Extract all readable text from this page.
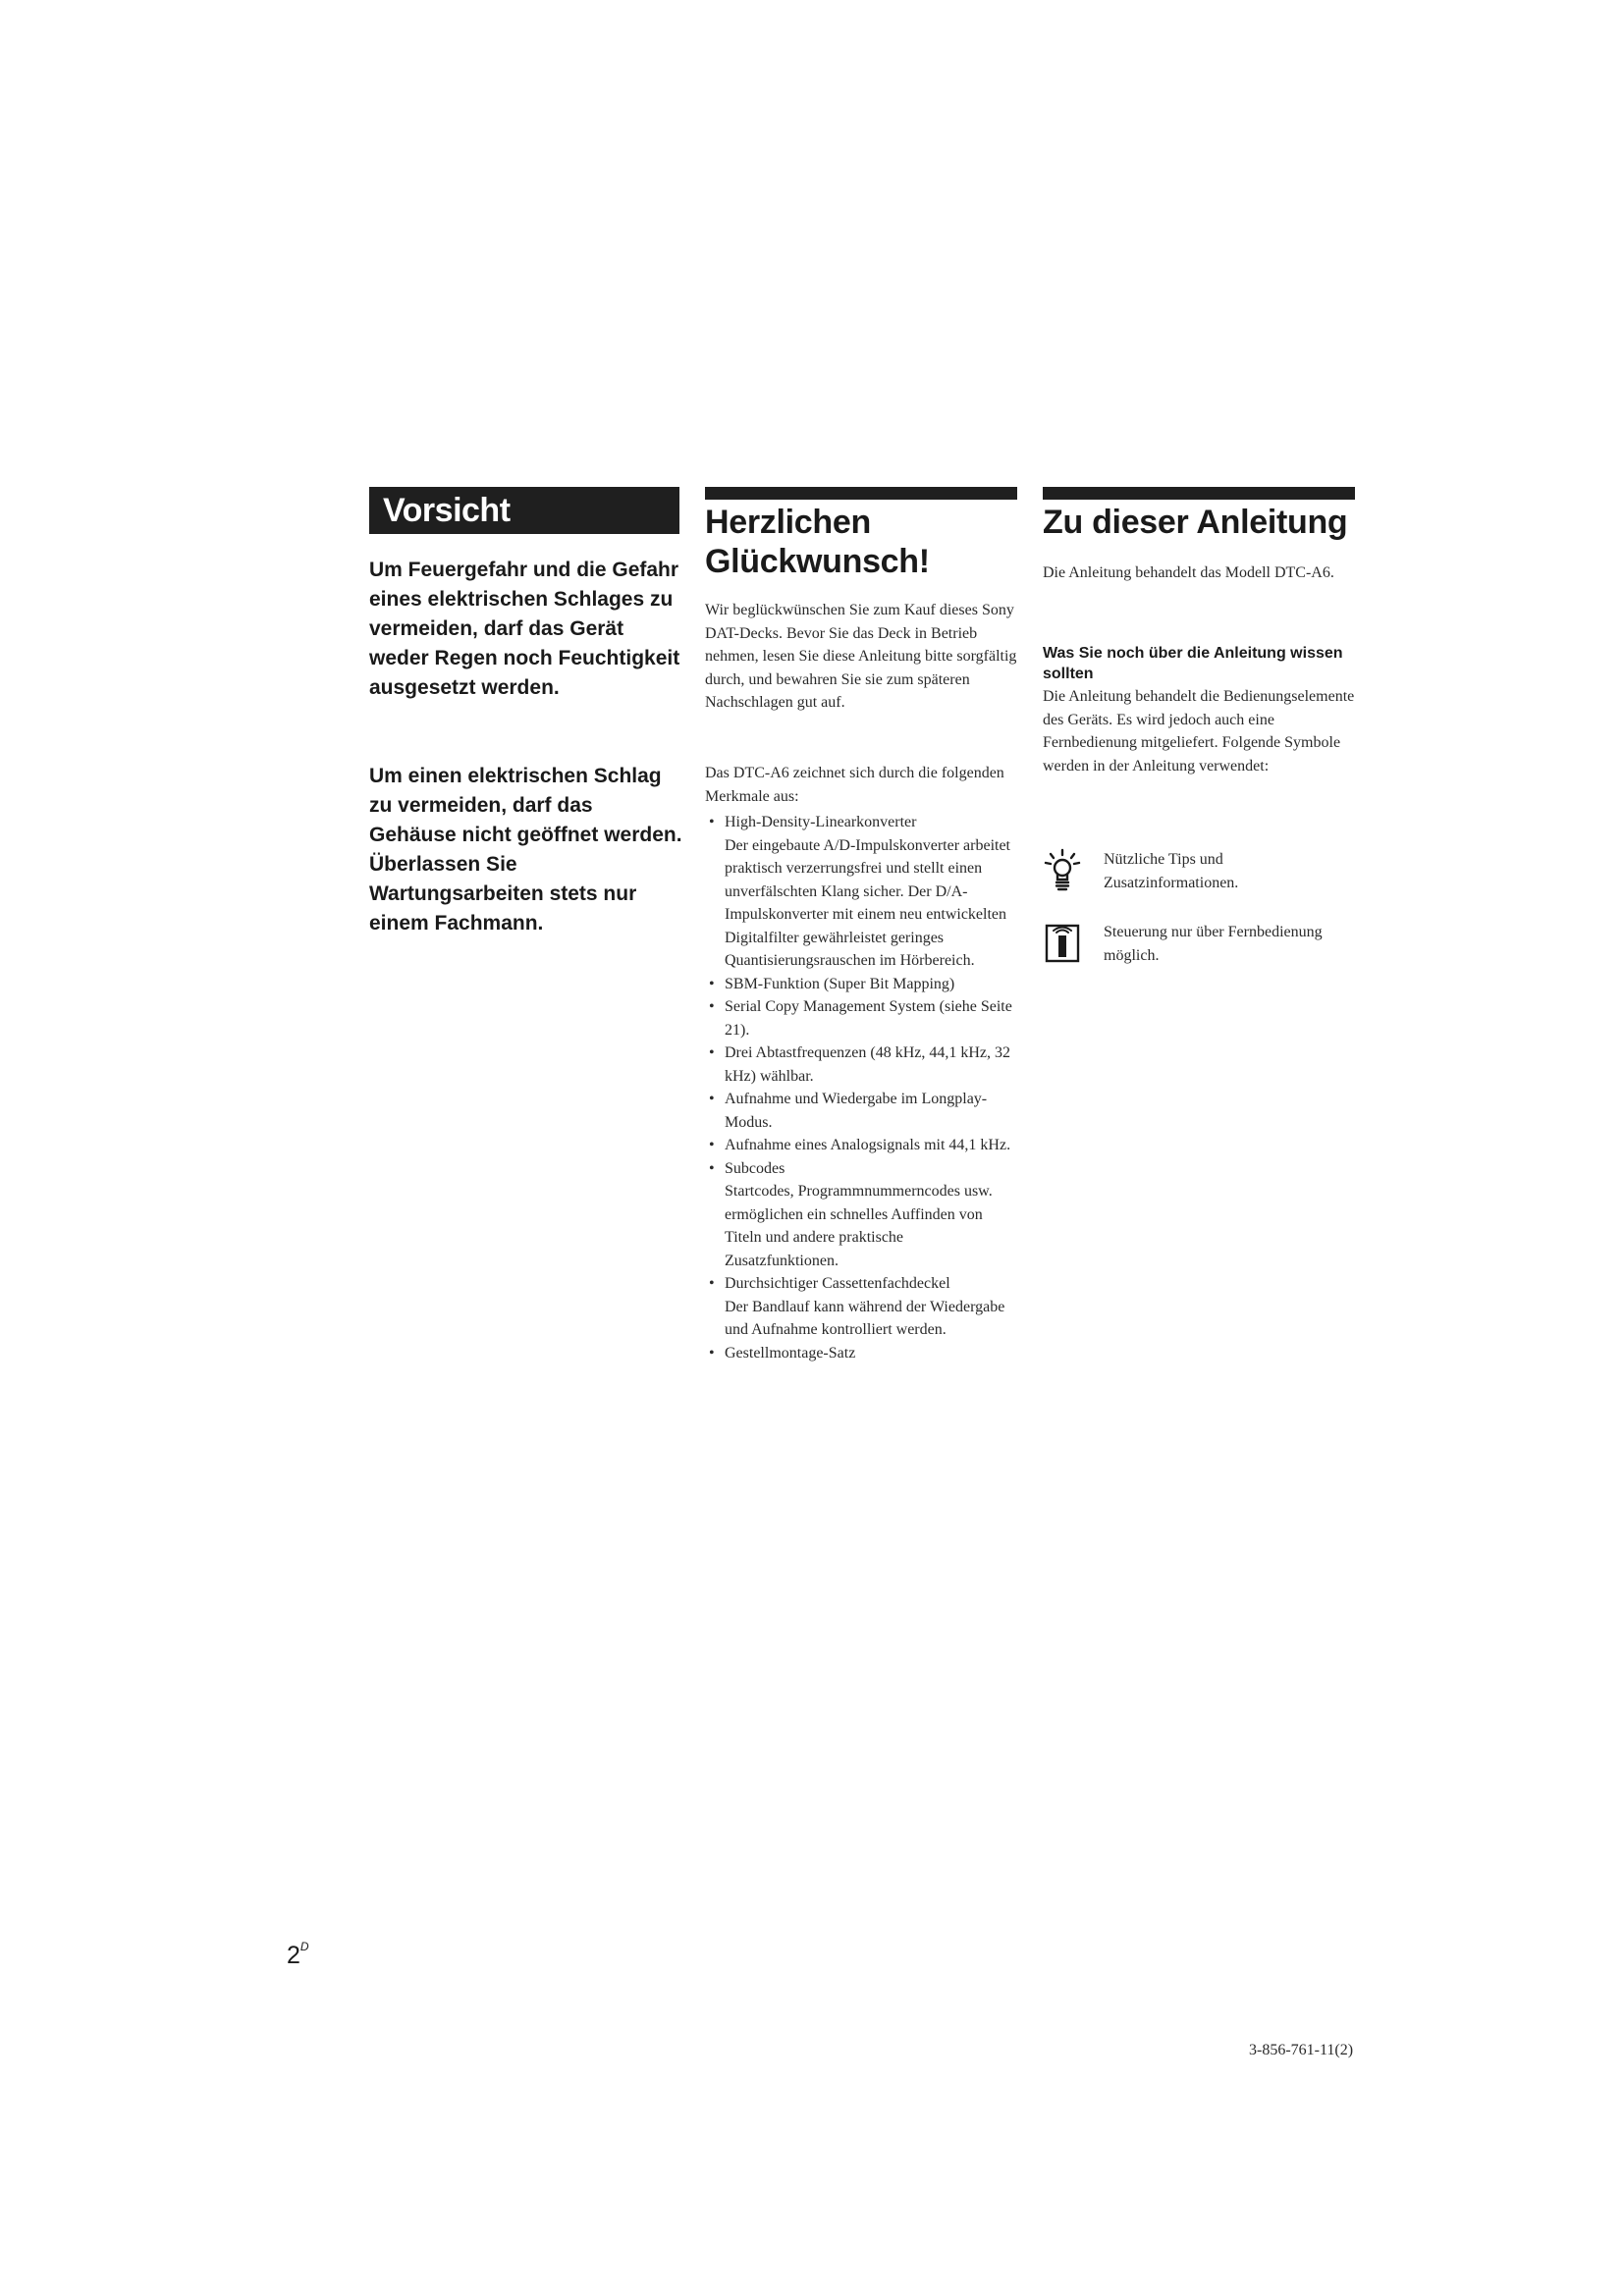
Vorsicht
Um Feuergefahr und die Gefahr eines elektrischen Schlages zu vermeiden, darf das Gerät weder Regen noch Feuchtigkeit ausgesetzt werden.
Um einen elektrischen Schlag zu vermeiden, darf das Gehäuse nicht geöffnet werden. Überlassen Sie Wartungsarbeiten stets nur einem Fachmann.
Herzlichen Glückwunsch!
Wir beglückwünschen Sie zum Kauf dieses Sony DAT-Decks. Bevor Sie das Deck in Betrieb nehmen, lesen Sie diese Anleitung bitte sorgfältig durch, und bewahren Sie sie zum späteren Nachschlagen gut auf.
Das DTC-A6 zeichnet sich durch die folgenden Merkmale aus:
• High-Density-Linearkonverter
Der eingebaute A/D-Impulskonverter arbeitet praktisch verzerrungsfrei und stellt einen unverfälschten Klang sicher. Der D/A-Impulskonverter mit einem neu entwickelten Digitalfilter gewährleistet geringes Quantisierungsrauschen im Hörbereich.
• SBM-Funktion (Super Bit Mapping)
• Serial Copy Management System (siehe Seite 21).
• Drei Abtastfrequenzen (48 kHz, 44,1 kHz, 32 kHz) wählbar.
• Aufnahme und Wiedergabe im Longplay-Modus.
• Aufnahme eines Analogsignals mit 44,1 kHz.
• Subcodes
Startcodes, Programmnummerncodes usw. ermöglichen ein schnelles Auffinden von Titeln und andere praktische Zusatzfunktionen.
• Durchsichtiger Cassettenfachdeckel
Der Bandlauf kann während der Wiedergabe und Aufnahme kontrolliert werden.
• Gestellmontage-Satz
Zu dieser Anleitung
Die Anleitung behandelt das Modell DTC-A6.
Was Sie noch über die Anleitung wissen sollten
Die Anleitung behandelt die Bedienungselemente des Geräts. Es wird jedoch auch eine Fernbedienung mitgeliefert. Folgende Symbole werden in der Anleitung verwendet:
Nützliche Tips und Zusatzinformationen.
Steuerung nur über Fernbedienung möglich.
$2^D$
3-856-761-11(2)
